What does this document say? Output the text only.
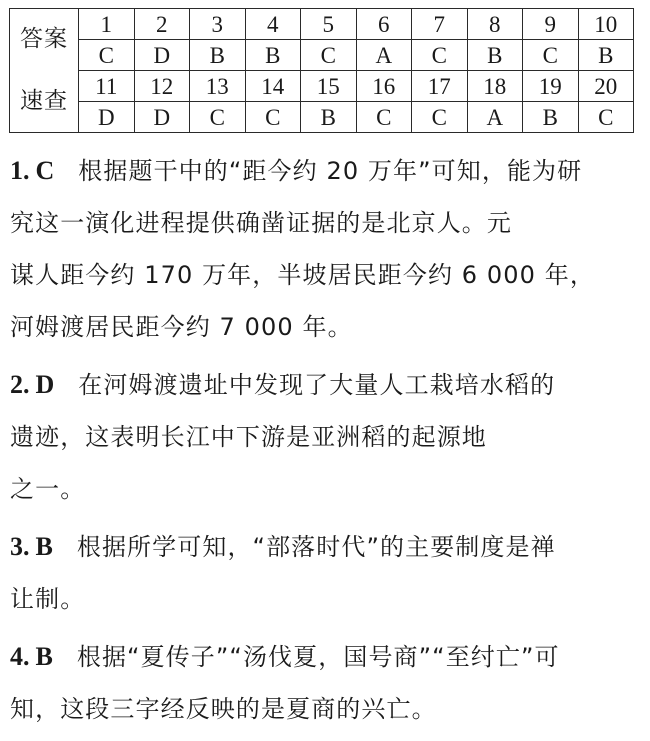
答案	1	2	3	4	5	6	7	8	9	10
	C	D	B	B	C	A	C	B	C	B
速查	11	12	13	14	15	16	17	18	19	20
	D	D	C	C	B	C	C	A	B	C
1. C 根据题干中的“距今约 20 万年”可知，能为研
究这一演化进程提供确凿证据的是北京人。元
谋人距今约 170 万年，半坡居民距今约 6 000 年，
河姆渡居民距今约 7 000 年。
2. D 在河姆渡遗址中发现了大量人工栽培水稻的
遗迹，这表明长江中下游是亚洲稻的起源地
之一。
3. B 根据所学可知，“部落时代”的主要制度是禅
让制。
4. B 根据“夏传子”“汤伐夏，国号商”“至纣亡”可
知，这段三字经反映的是夏商的兴亡。
